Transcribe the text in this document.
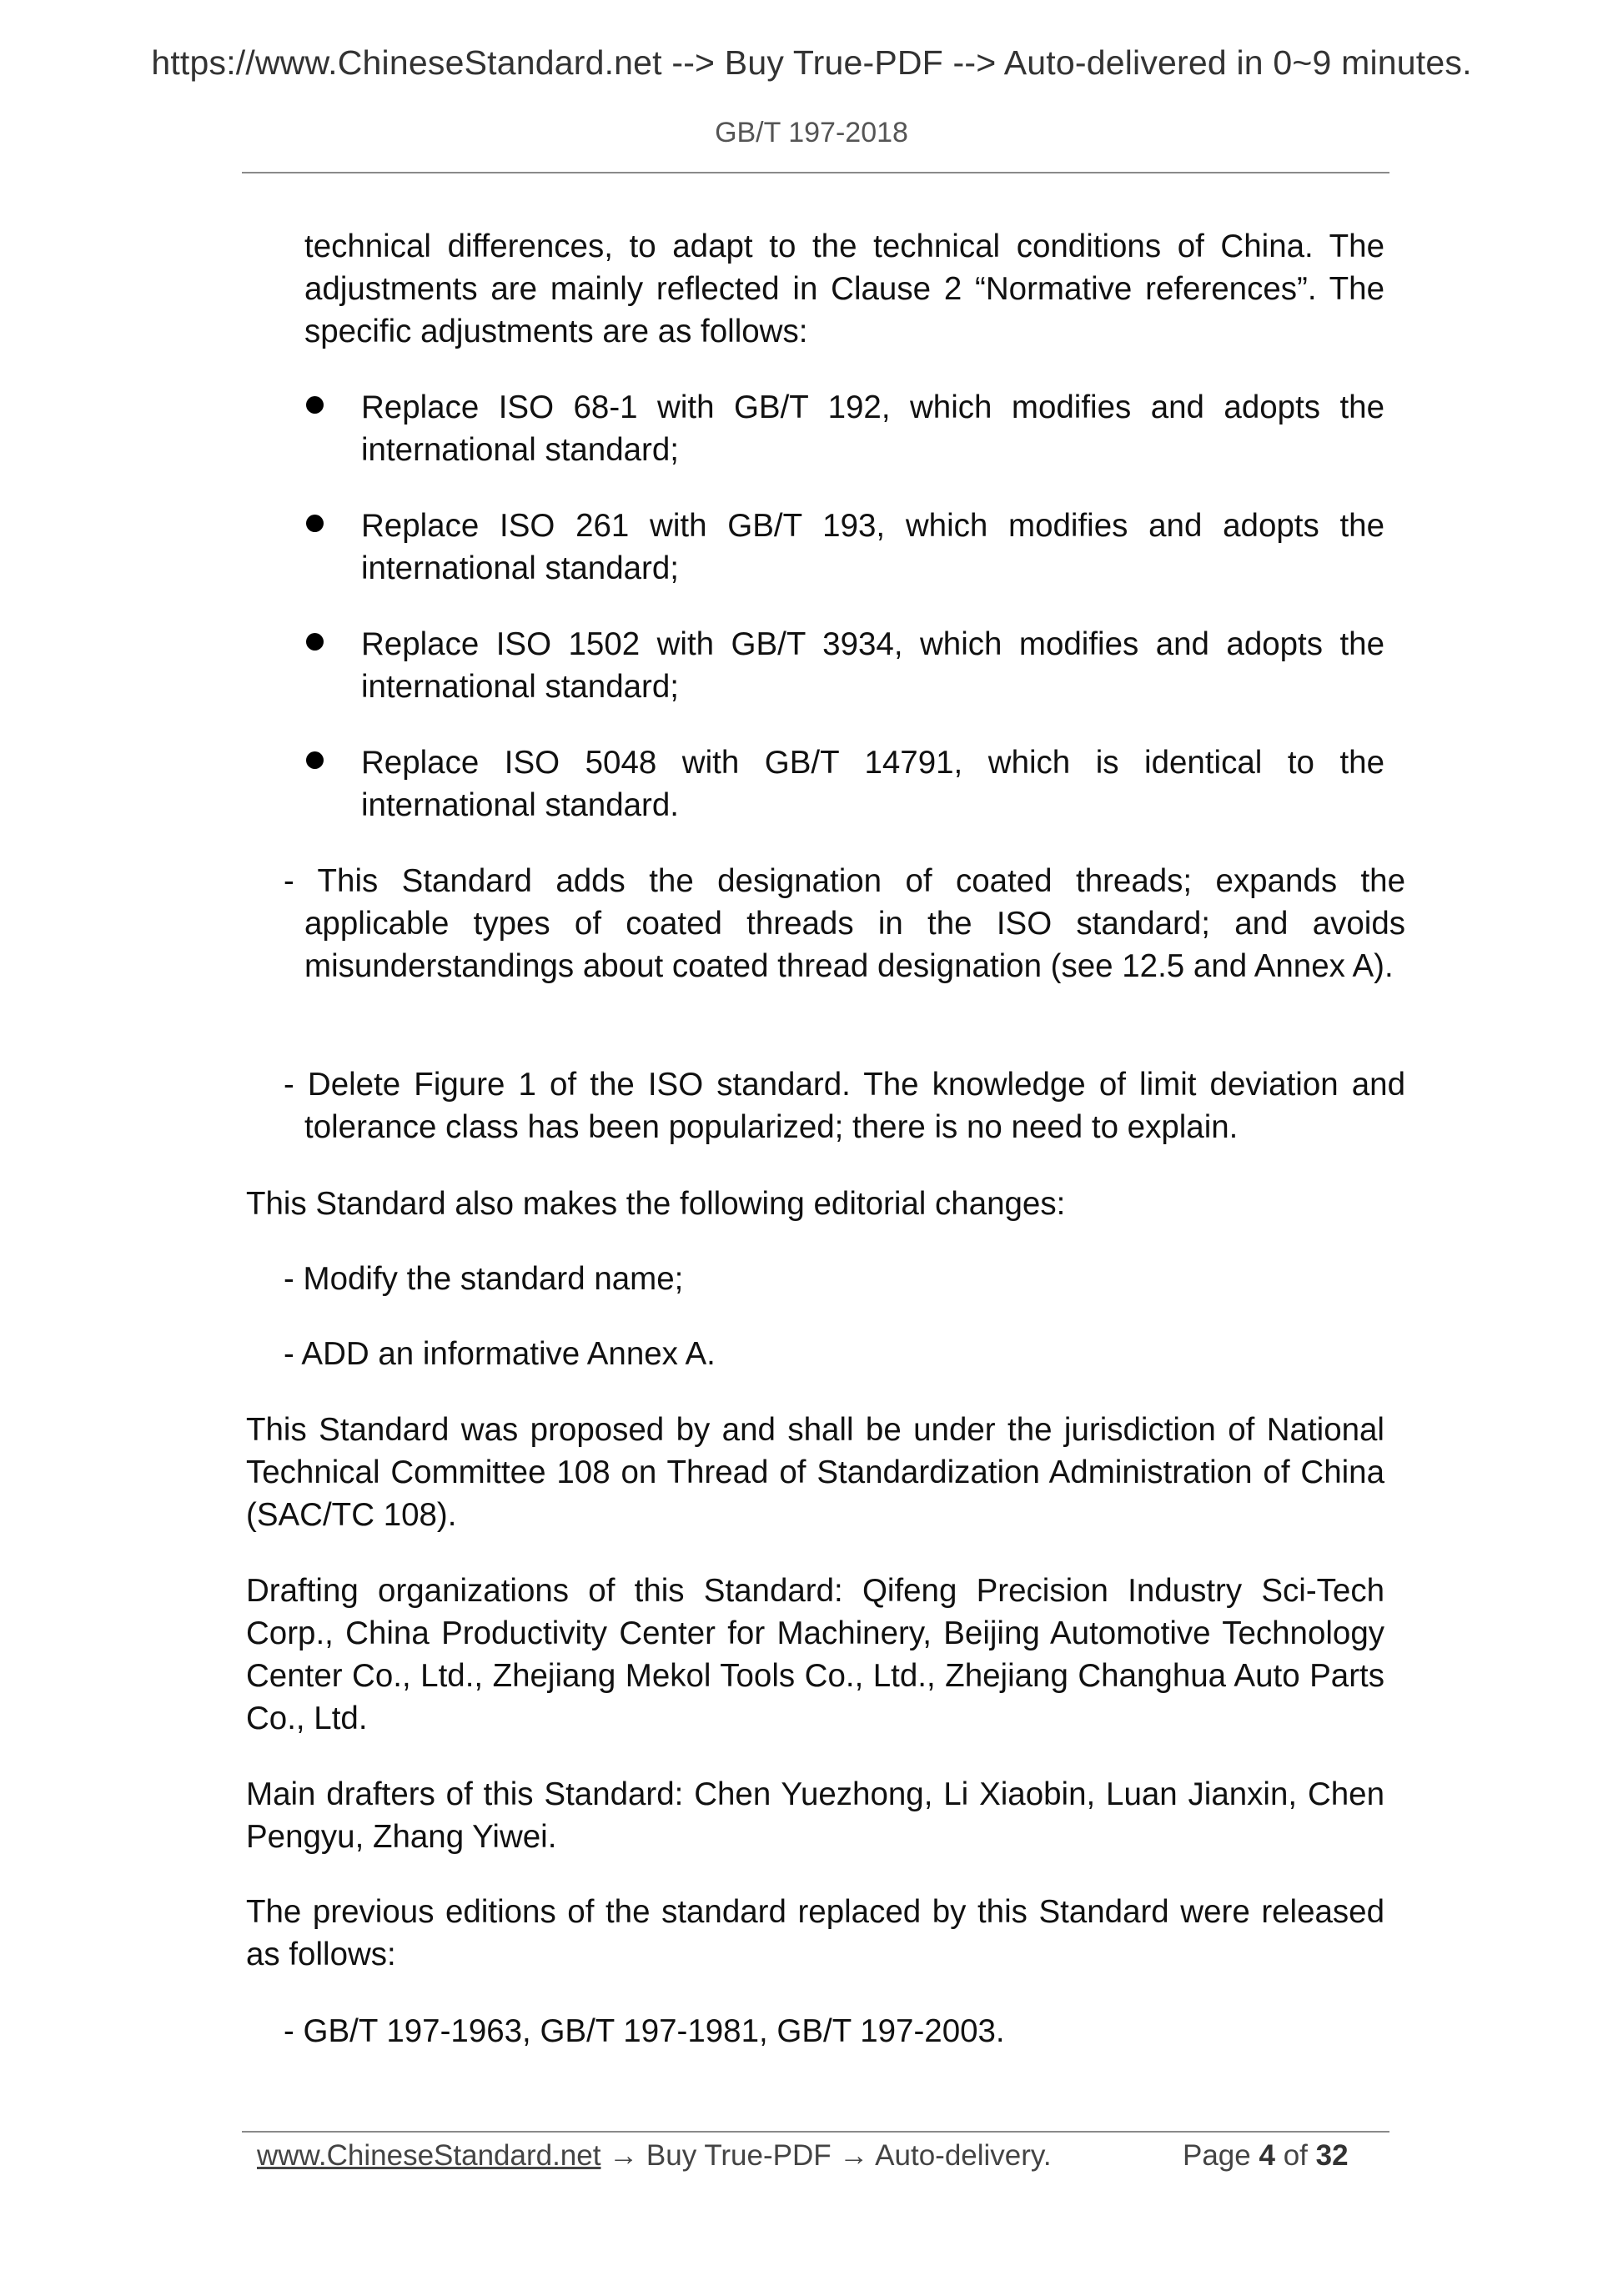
https://www.ChineseStandard.net --> Buy True-PDF --> Auto-delivered in 0~9 minutes.
GB/T 197-2018
technical differences, to adapt to the technical conditions of China. The adjustments are mainly reflected in Clause 2 “Normative references”. The specific adjustments are as follows:
Replace ISO 68-1 with GB/T 192, which modifies and adopts the international standard;
Replace ISO 261 with GB/T 193, which modifies and adopts the international standard;
Replace ISO 1502 with GB/T 3934, which modifies and adopts the international standard;
Replace ISO 5048 with GB/T 14791, which is identical to the international standard.
- This Standard adds the designation of coated threads; expands the applicable types of coated threads in the ISO standard; and avoids misunderstandings about coated thread designation (see 12.5 and Annex A).
- Delete Figure 1 of the ISO standard. The knowledge of limit deviation and tolerance class has been popularized; there is no need to explain.
This Standard also makes the following editorial changes:
- Modify the standard name;
- ADD an informative Annex A.
This Standard was proposed by and shall be under the jurisdiction of National Technical Committee 108 on Thread of Standardization Administration of China (SAC/TC 108).
Drafting organizations of this Standard: Qifeng Precision Industry Sci-Tech Corp., China Productivity Center for Machinery, Beijing Automotive Technology Center Co., Ltd., Zhejiang Mekol Tools Co., Ltd., Zhejiang Changhua Auto Parts Co., Ltd.
Main drafters of this Standard: Chen Yuezhong, Li Xiaobin, Luan Jianxin, Chen Pengyu, Zhang Yiwei.
The previous editions of the standard replaced by this Standard were released as follows:
- GB/T 197-1963, GB/T 197-1981, GB/T 197-2003.
www.ChineseStandard.net → Buy True-PDF → Auto-delivery.	Page 4 of 32
